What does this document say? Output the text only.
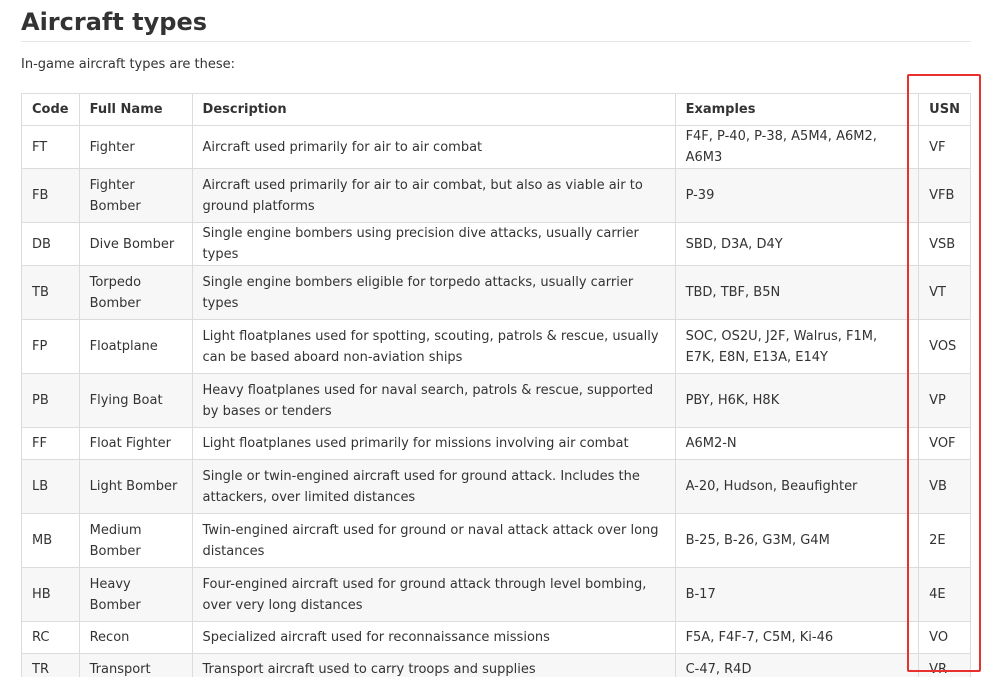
Aircraft types
In-game aircraft types are these:
Code	Full Name	Description	Examples	USN
FT	Fighter	Aircraft used primarily for air to air combat	F4F, P-40, P-38, A5M4, A6M2, A6M3	VF
FB	Fighter Bomber	Aircraft used primarily for air to air combat, but also as viable air to ground platforms	P-39	VFB
DB	Dive Bomber	Single engine bombers using precision dive attacks, usually carrier types	SBD, D3A, D4Y	VSB
TB	Torpedo Bomber	Single engine bombers eligible for torpedo attacks, usually carrier types	TBD, TBF, B5N	VT
FP	Floatplane	Light floatplanes used for spotting, scouting, patrols & rescue, usually can be based aboard non-aviation ships	SOC, OS2U, J2F, Walrus, F1M, E7K, E8N, E13A, E14Y	VOS
PB	Flying Boat	Heavy floatplanes used for naval search, patrols & rescue, supported by bases or tenders	PBY, H6K, H8K	VP
FF	Float Fighter	Light floatplanes used primarily for missions involving air combat	A6M2-N	VOF
LB	Light Bomber	Single or twin-engined aircraft used for ground attack. Includes the attackers, over limited distances	A-20, Hudson, Beaufighter	VB
MB	Medium Bomber	Twin-engined aircraft used for ground or naval attack attack over long distances	B-25, B-26, G3M, G4M	2E
HB	Heavy Bomber	Four-engined aircraft used for ground attack through level bombing, over very long distances	B-17	4E
RC	Recon	Specialized aircraft used for reconnaissance missions	F5A, F4F-7, C5M, Ki-46	VO
TR	Transport	Transport aircraft used to carry troops and supplies	C-47, R4D	VR
